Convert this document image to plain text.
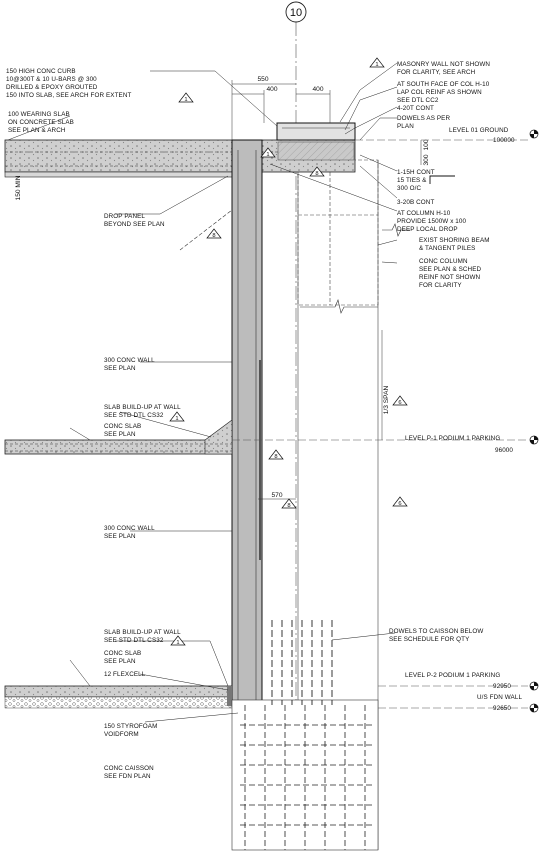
10
550
400	400
100
300
150 MIN
1/3 SPAN
570
LEVEL 01 GROUND
100000
LEVEL P-1 PODIUM 1 PARKING
96000
LEVEL P-2 PODIUM 1 PARKING
92950
U/S FDN WALL
92650
150 HIGH CONC CURB
10@300T & 10 U-BARS @ 300
DRILLED & EPOXY GROUTED
150 INTO SLAB, SEE ARCH FOR EXTENT
100 WEARING SLAB
ON CONCRETE SLAB
SEE PLAN & ARCH
DROP PANEL
BEYOND SEE PLAN
MASONRY WALL NOT SHOWN
FOR CLARITY, SEE ARCH
AT SOUTH FACE OF COL H-10
LAP COL REINF AS SHOWN
SEE DTL CC2
4-20T CONT
DOWELS AS PER
PLAN
1-15H CONT
15 TIES &
300 O/C
3-20B CONT
AT COLUMN H-10
PROVIDE 1500W x 100
DEEP LOCAL DROP
EXIST SHORING BEAM
& TANGENT PILES
CONC COLUMN
SEE PLAN & SCHED
REINF NOT SHOWN
FOR CLARITY
300 CONC WALL
SEE PLAN
SLAB BUILD-UP AT WALL
SEE STD DTL CS32
CONC SLAB
SEE PLAN
300 CONC WALL
SEE PLAN
SLAB BUILD-UP AT WALL
SEE STD DTL CS32
CONC SLAB
SEE PLAN
12 FLEXCELL
150 STYROFOAM
VOIDFORM
CONC CAISSON
SEE FDN PLAN
DOWELS TO CAISSON BELOW
SEE SCHEDULE FOR QTY
1
1
1
1
1
6
6
8
8
8
8
